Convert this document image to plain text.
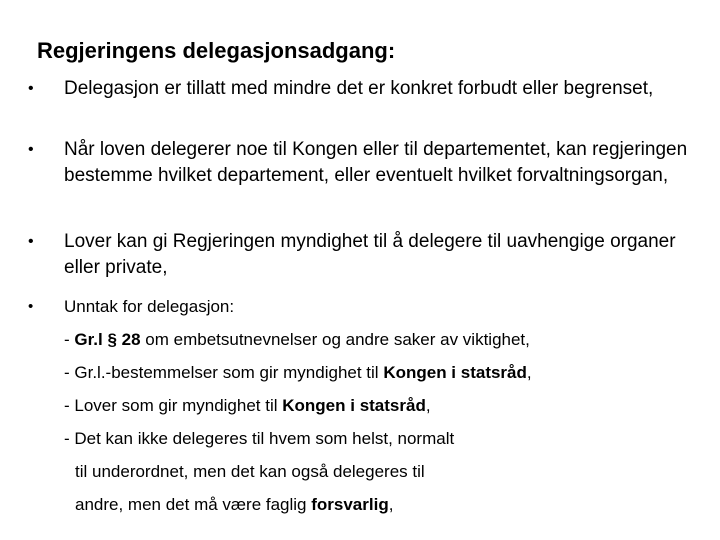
Regjeringens delegasjonsadgang:
•	Delegasjon er tillatt med mindre det er konkret forbudt eller begrenset,
•	Når loven delegerer noe til Kongen eller til departementet, kan regjeringen bestemme hvilket departement, eller eventuelt hvilket forvaltningsorgan,
•	Lover kan gi Regjeringen myndighet til å delegere til uavhengige organer eller private,
•	Unntak for delegasjon:
- Gr.l § 28 om embetsutnevnelser og andre saker av viktighet,
- Gr.l.-bestemmelser som gir myndighet til Kongen i statsråd,
- Lover som gir myndighet til Kongen i statsråd,
- Det kan ikke delegeres til hvem som helst, normalt
til underordnet, men det kan også delegeres til
andre, men det må være faglig forsvarlig,
